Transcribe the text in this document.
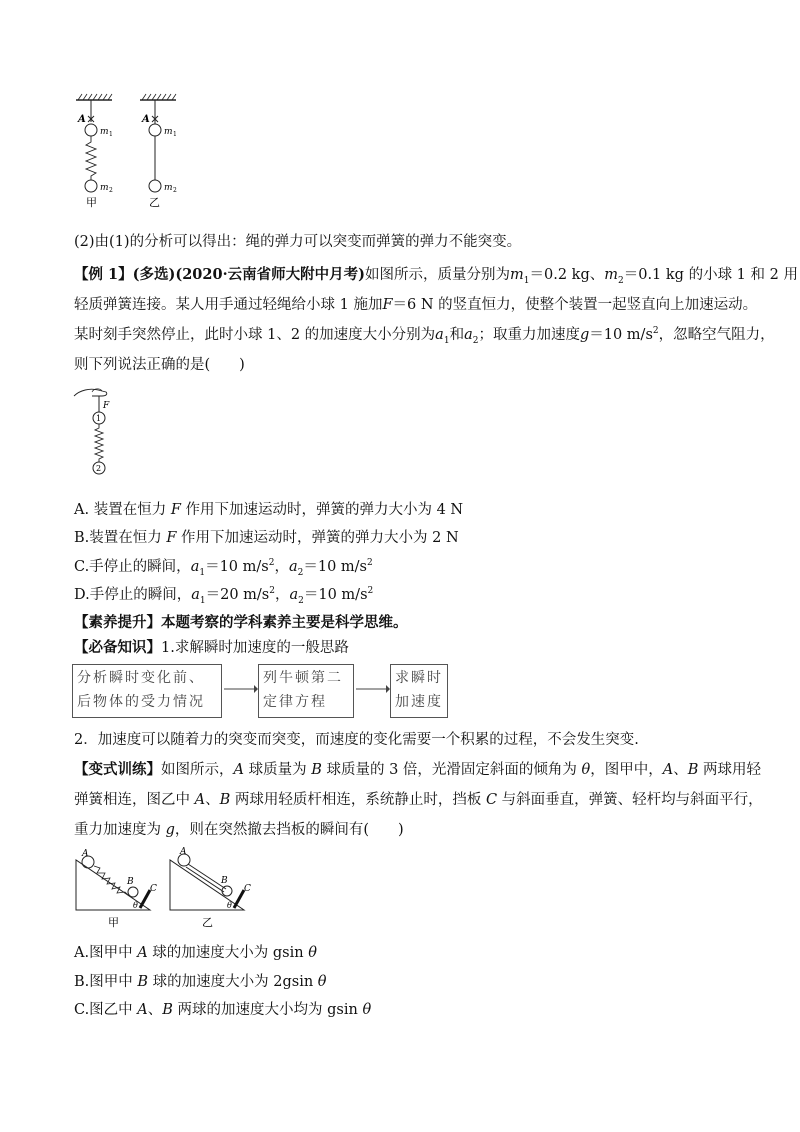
A	A
m 1
m 2
m 1
m 2
甲	乙
(2)由(1)的分析可以得出：绳的弹力可以突变而弹簧的弹力不能突变。
【例 1】(多选)(2020·云南省师大附中月考)如图所示，质量分别为$m_1=0.2$ kg、$m_2=0.1$ kg 的小球 1 和 2 用
轻质弹簧连接。某人用手通过轻绳给小球 1 施加F＝6 N 的竖直恒力，使整个装置一起竖直向上加速运动。
某时刻手突然停止，此时小球 1、2 的加速度大小分别为$a_1$和$a_2$；取重力加速度g＝10 $m/s^2$，忽略空气阻力，
则下列说法正确的是(　　)
F
1
2
A. 装置在恒力 F 作用下加速运动时，弹簧的弹力大小为 4 N
B.装置在恒力 F 作用下加速运动时，弹簧的弹力大小为 2 N
C.手停止的瞬间，$a_1=10$ $m/s^2$，$a_2=10$ $m/s^2$
D.手停止的瞬间，$a_1=20$ $m/s^2$，$a_2=10$ $m/s^2$
【素养提升】本题考察的学科素养主要是科学思维。
【必备知识】1.求解瞬时加速度的一般思路
分析瞬时变化前、
后物体的受力情况
列牛顿第二
定律方程
求瞬时
加速度
2．加速度可以随着力的突变而突变，而速度的变化需要一个积累的过程，不会发生突变.
【变式训练】如图所示，A 球质量为 B 球质量的 3 倍，光滑固定斜面的倾角为 θ，图甲中，A、B 两球用轻
弹簧相连，图乙中 A、B 两球用轻质杆相连，系统静止时，挡板 C 与斜面垂直，弹簧、轻杆均与斜面平行，
重力加速度为 g，则在突然撤去挡板的瞬间有(　　)
A
B
C
θ
甲
A
B
C
θ
乙
A.图甲中 A 球的加速度大小为 gsin θ
B.图甲中 B 球的加速度大小为 2gsin θ
C.图乙中 A、B 两球的加速度大小均为 gsin θ
